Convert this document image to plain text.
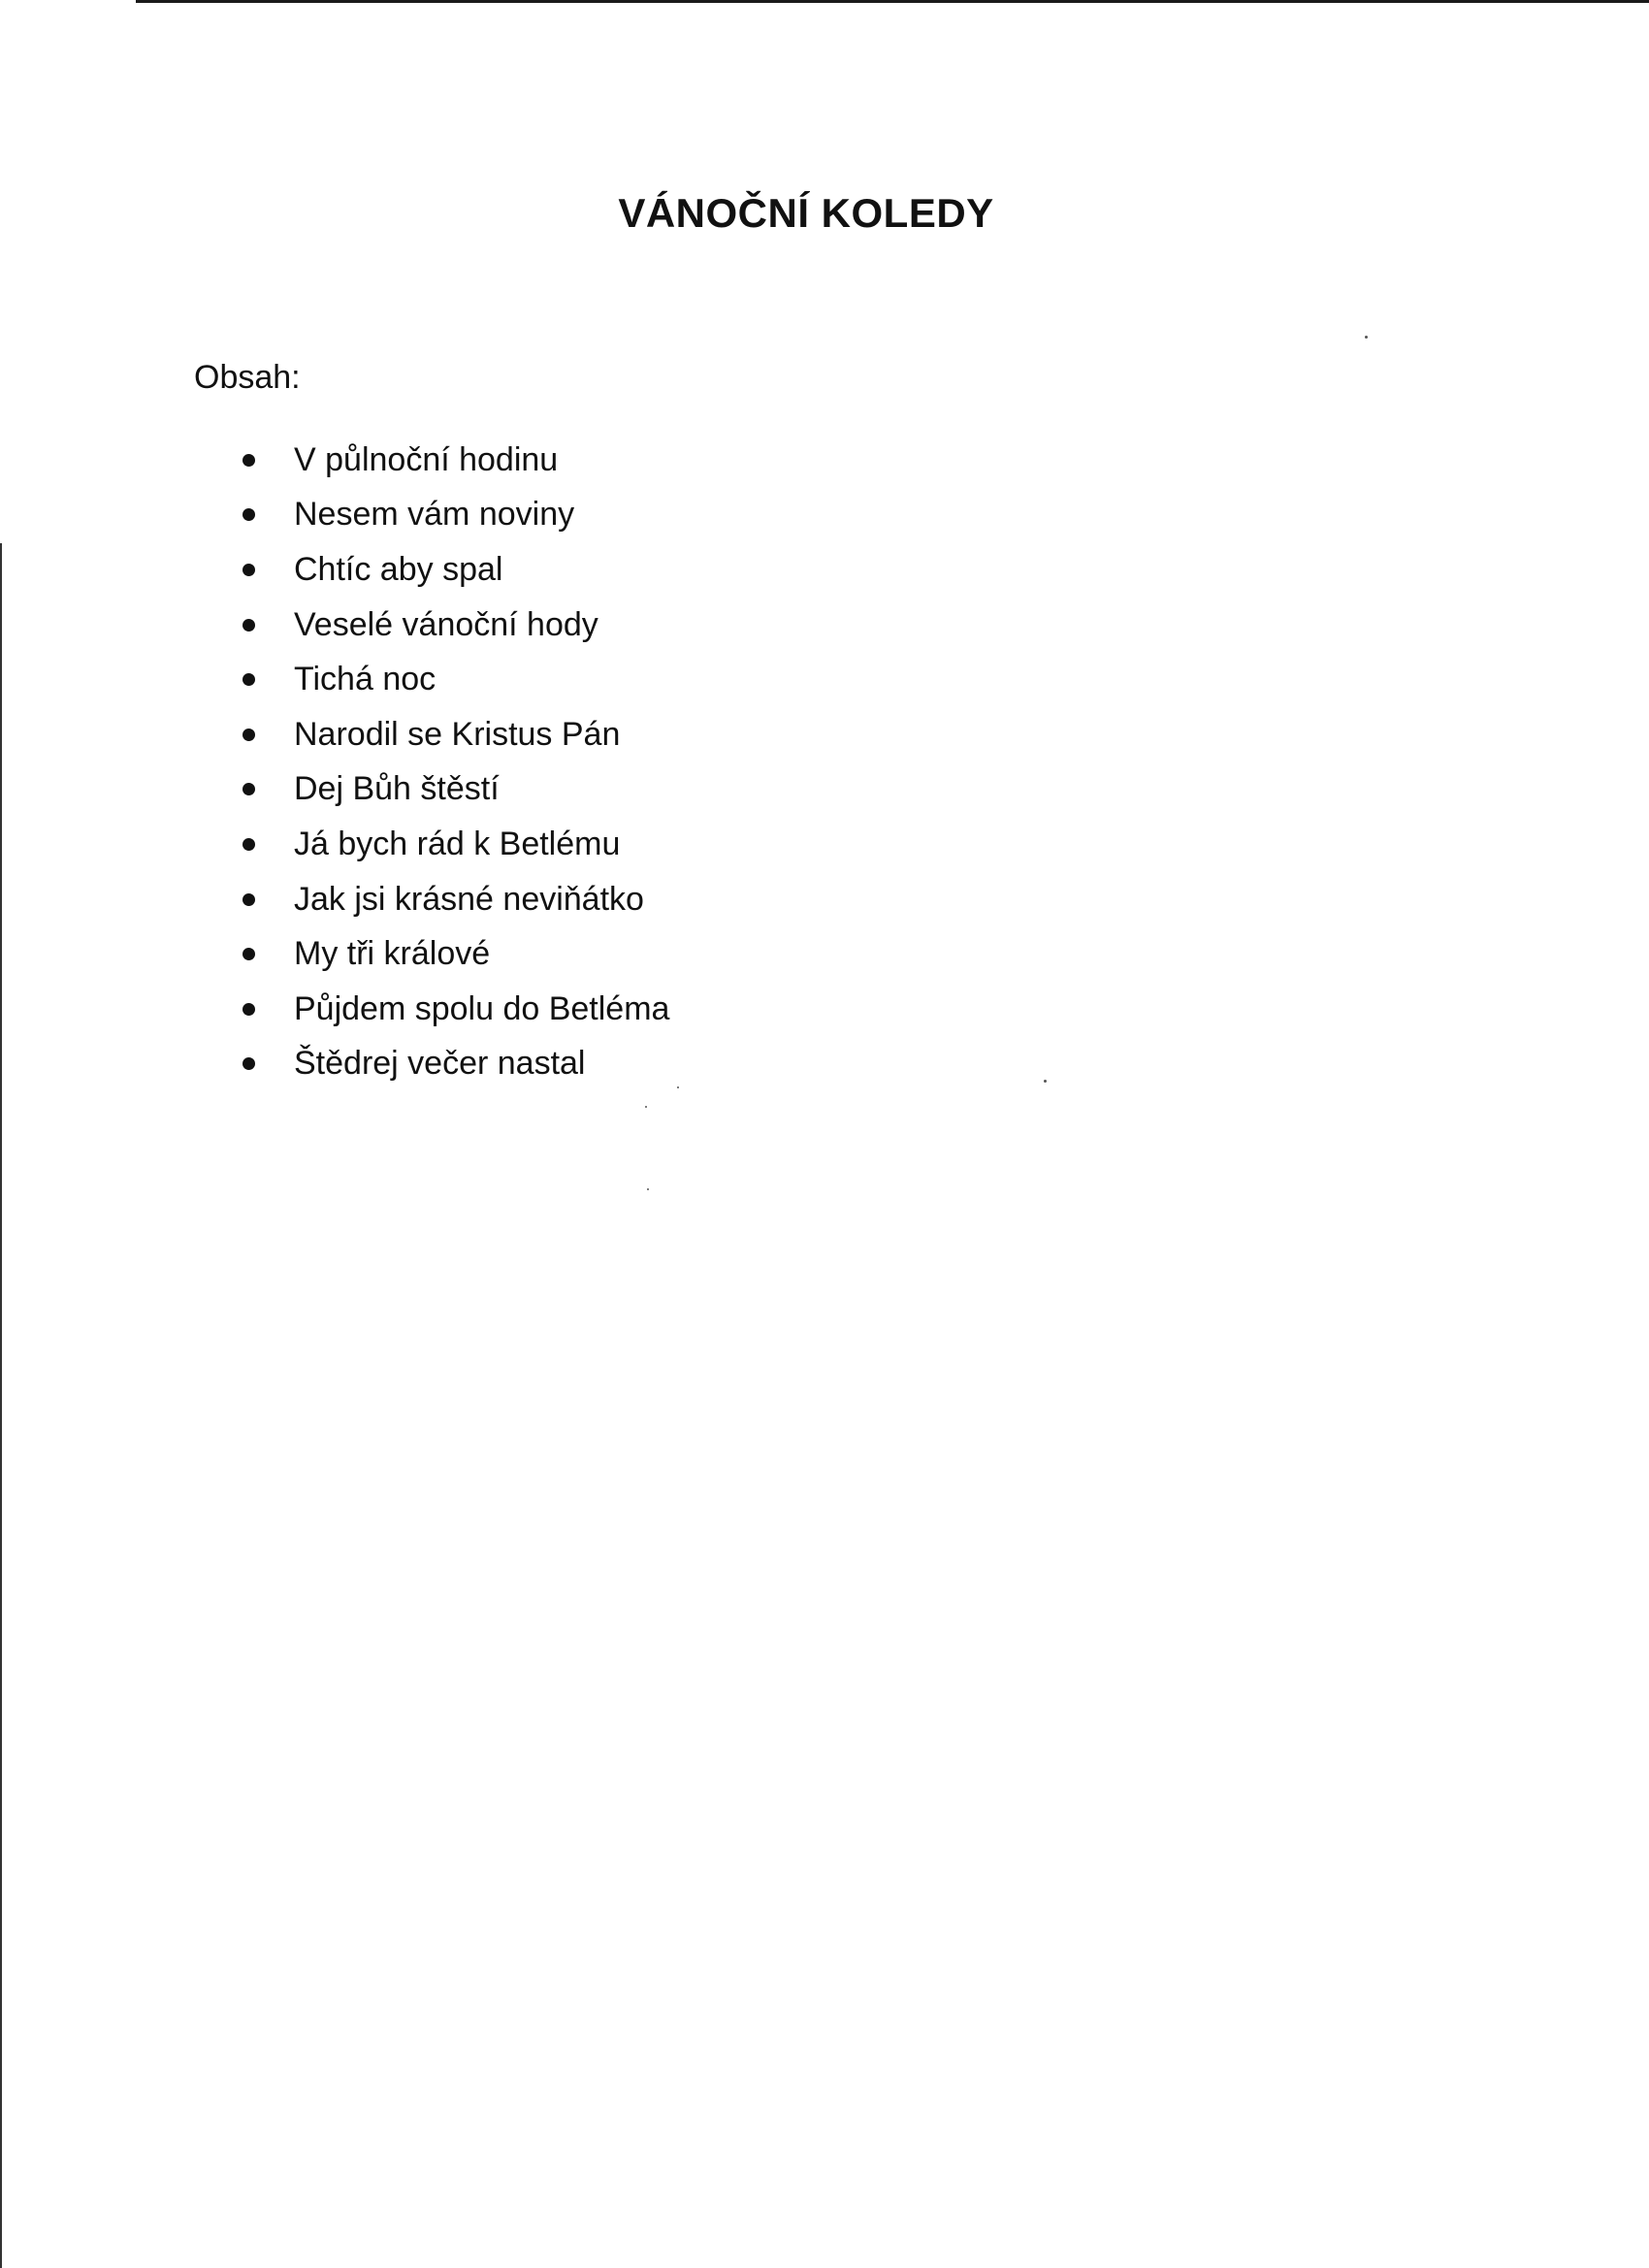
VÁNOČNÍ KOLEDY

Obsah:

V půlnoční hodinu
Nesem vám noviny
Chtíc aby spal
Veselé vánoční hody
Tichá noc
Narodil se Kristus Pán
Dej Bůh štěstí
Já bych rád k Betlému
Jak jsi krásné neviňátko
My tři králové
Půjdem spolu do Betléma
Štědrej večer nastal
